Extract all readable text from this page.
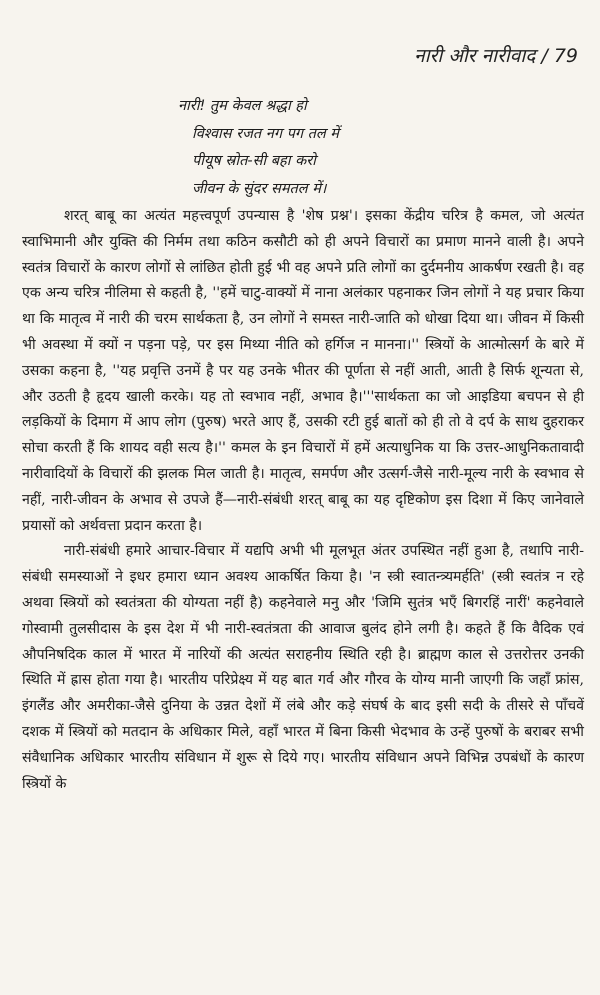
नारी और नारीवाद / 79
नारी! तुम केवल श्रद्धा हो
विश्वास रजत नग पग तल में
पीयूष स्रोत-सी बहा करो
जीवन के सुंदर समतल में।

शरत् बाबू का अत्यंत महत्त्वपूर्ण उपन्यास है 'शेष प्रश्न'। इसका केंद्रीय चरित्र है कमल, जो अत्यंत स्वाभिमानी और युक्ति की निर्मम तथा कठिन कसौटी को ही अपने विचारों का प्रमाण मानने वाली है। अपने स्वतंत्र विचारों के कारण लोगों से लांछित होती हुई भी वह अपने प्रति लोगों का दुर्दमनीय आकर्षण रखती है। वह एक अन्य चरित्र नीलिमा से कहती है, ''हमें चाटु-वाक्यों में नाना अलंकार पहनाकर जिन लोगों ने यह प्रचार किया था कि मातृत्व में नारी की चरम सार्थकता है, उन लोगों ने समस्त नारी-जाति को धोखा दिया था। जीवन में किसी भी अवस्था में क्यों न पड़ना पड़े, पर इस मिथ्या नीति को हर्गिज न मानना।'' स्त्रियों के आत्मोत्सर्ग के बारे में उसका कहना है, ''यह प्रवृत्ति उनमें है पर यह उनके भीतर की पूर्णता से नहीं आती, आती है सिर्फ शून्यता से, और उठती है हृदय खाली करके। यह तो स्वभाव नहीं, अभाव है।'''सार्थकता का जो आइडिया बचपन से ही लड़कियों के दिमाग में आप लोग (पुरुष) भरते आए हैं, उसकी रटी हुई बातों को ही तो वे दर्प के साथ दुहराकर सोचा करती हैं कि शायद वही सत्य है।'' कमल के इन विचारों में हमें अत्याधुनिक या कि उत्तर-आधुनिकतावादी नारीवादियों के विचारों की झलक मिल जाती है। मातृत्व, समर्पण और उत्सर्ग-जैसे नारी-मूल्य नारी के स्वभाव से नहीं, नारी-जीवन के अभाव से उपजे हैं—नारी-संबंधी शरत् बाबू का यह दृष्टिकोण इस दिशा में किए जानेवाले प्रयासों को अर्थवत्ता प्रदान करता है।

नारी-संबंधी हमारे आचार-विचार में यद्यपि अभी भी मूलभूत अंतर उपस्थित नहीं हुआ है, तथापि नारी-संबंधी समस्याओं ने इधर हमारा ध्यान अवश्य आकर्षित किया है। 'न स्त्री स्वातन्त्र्यमर्हति' (स्त्री स्वतंत्र न रहे अथवा स्त्रियों को स्वतंत्रता की योग्यता नहीं है) कहनेवाले मनु और 'जिमि सुतंत्र भएँ बिगरहिं नारीं' कहनेवाले गोस्वामी तुलसीदास के इस देश में भी नारी-स्वतंत्रता की आवाज बुलंद होने लगी है। कहते हैं कि वैदिक एवं औपनिषदिक काल में भारत में नारियों की अत्यंत सराहनीय स्थिति रही है। ब्राह्मण काल से उत्तरोत्तर उनकी स्थिति में ह्रास होता गया है। भारतीय परिप्रेक्ष्य में यह बात गर्व और गौरव के योग्य मानी जाएगी कि जहाँ फ्रांस, इंगलैंड और अमरीका-जैसे दुनिया के उन्नत देशों में लंबे और कड़े संघर्ष के बाद इसी सदी के तीसरे से पाँचवें दशक में स्त्रियों को मतदान के अधिकार मिले, वहाँ भारत में बिना किसी भेदभाव के उन्हें पुरुषों के बराबर सभी संवैधानिक अधिकार भारतीय संविधान में शुरू से दिये गए। भारतीय संविधान अपने विभिन्न उपबंधों के कारण स्त्रियों के
